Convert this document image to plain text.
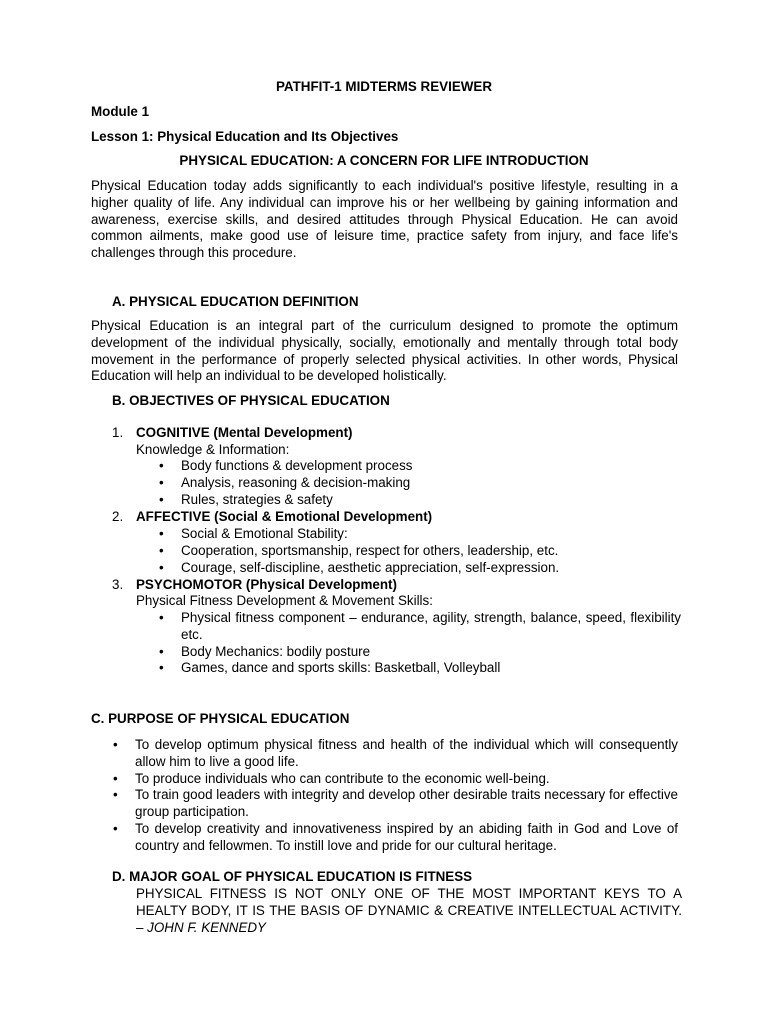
PATHFIT-1 MIDTERMS REVIEWER
Module 1
Lesson 1: Physical Education and Its Objectives
PHYSICAL EDUCATION: A CONCERN FOR LIFE INTRODUCTION

Physical Education today adds significantly to each individual's positive lifestyle, resulting in a higher quality of life. Any individual can improve his or her wellbeing by gaining information and awareness, exercise skills, and desired attitudes through Physical Education. He can avoid common ailments, make good use of leisure time, practice safety from injury, and face life's challenges through this procedure.

A. PHYSICAL EDUCATION DEFINITION

Physical Education is an integral part of the curriculum designed to promote the optimum development of the individual physically, socially, emotionally and mentally through total body movement in the performance of properly selected physical activities. In other words, Physical Education will help an individual to be developed holistically.

B. OBJECTIVES OF PHYSICAL EDUCATION
1. COGNITIVE (Mental Development)
Knowledge & Information:
• Body functions & development process
• Analysis, reasoning & decision-making
• Rules, strategies & safety
2. AFFECTIVE (Social & Emotional Development)
• Social & Emotional Stability:
• Cooperation, sportsmanship, respect for others, leadership, etc.
• Courage, self-discipline, aesthetic appreciation, self-expression.
3. PSYCHOMOTOR (Physical Development)
Physical Fitness Development & Movement Skills:
• Physical fitness component – endurance, agility, strength, balance, speed, flexibility etc.
• Body Mechanics: bodily posture
• Games, dance and sports skills: Basketball, Volleyball
C. PURPOSE OF PHYSICAL EDUCATION
• To develop optimum physical fitness and health of the individual which will consequently allow him to live a good life.
• To produce individuals who can contribute to the economic well-being.
• To train good leaders with integrity and develop other desirable traits necessary for effective group participation.
• To develop creativity and innovativeness inspired by an abiding faith in God and Love of country and fellowmen. To instill love and pride for our cultural heritage.
D. MAJOR GOAL OF PHYSICAL EDUCATION IS FITNESS
PHYSICAL FITNESS IS NOT ONLY ONE OF THE MOST IMPORTANT KEYS TO A HEALTY BODY, IT IS THE BASIS OF DYNAMIC & CREATIVE INTELLECTUAL ACTIVITY. – JOHN F. KENNEDY
